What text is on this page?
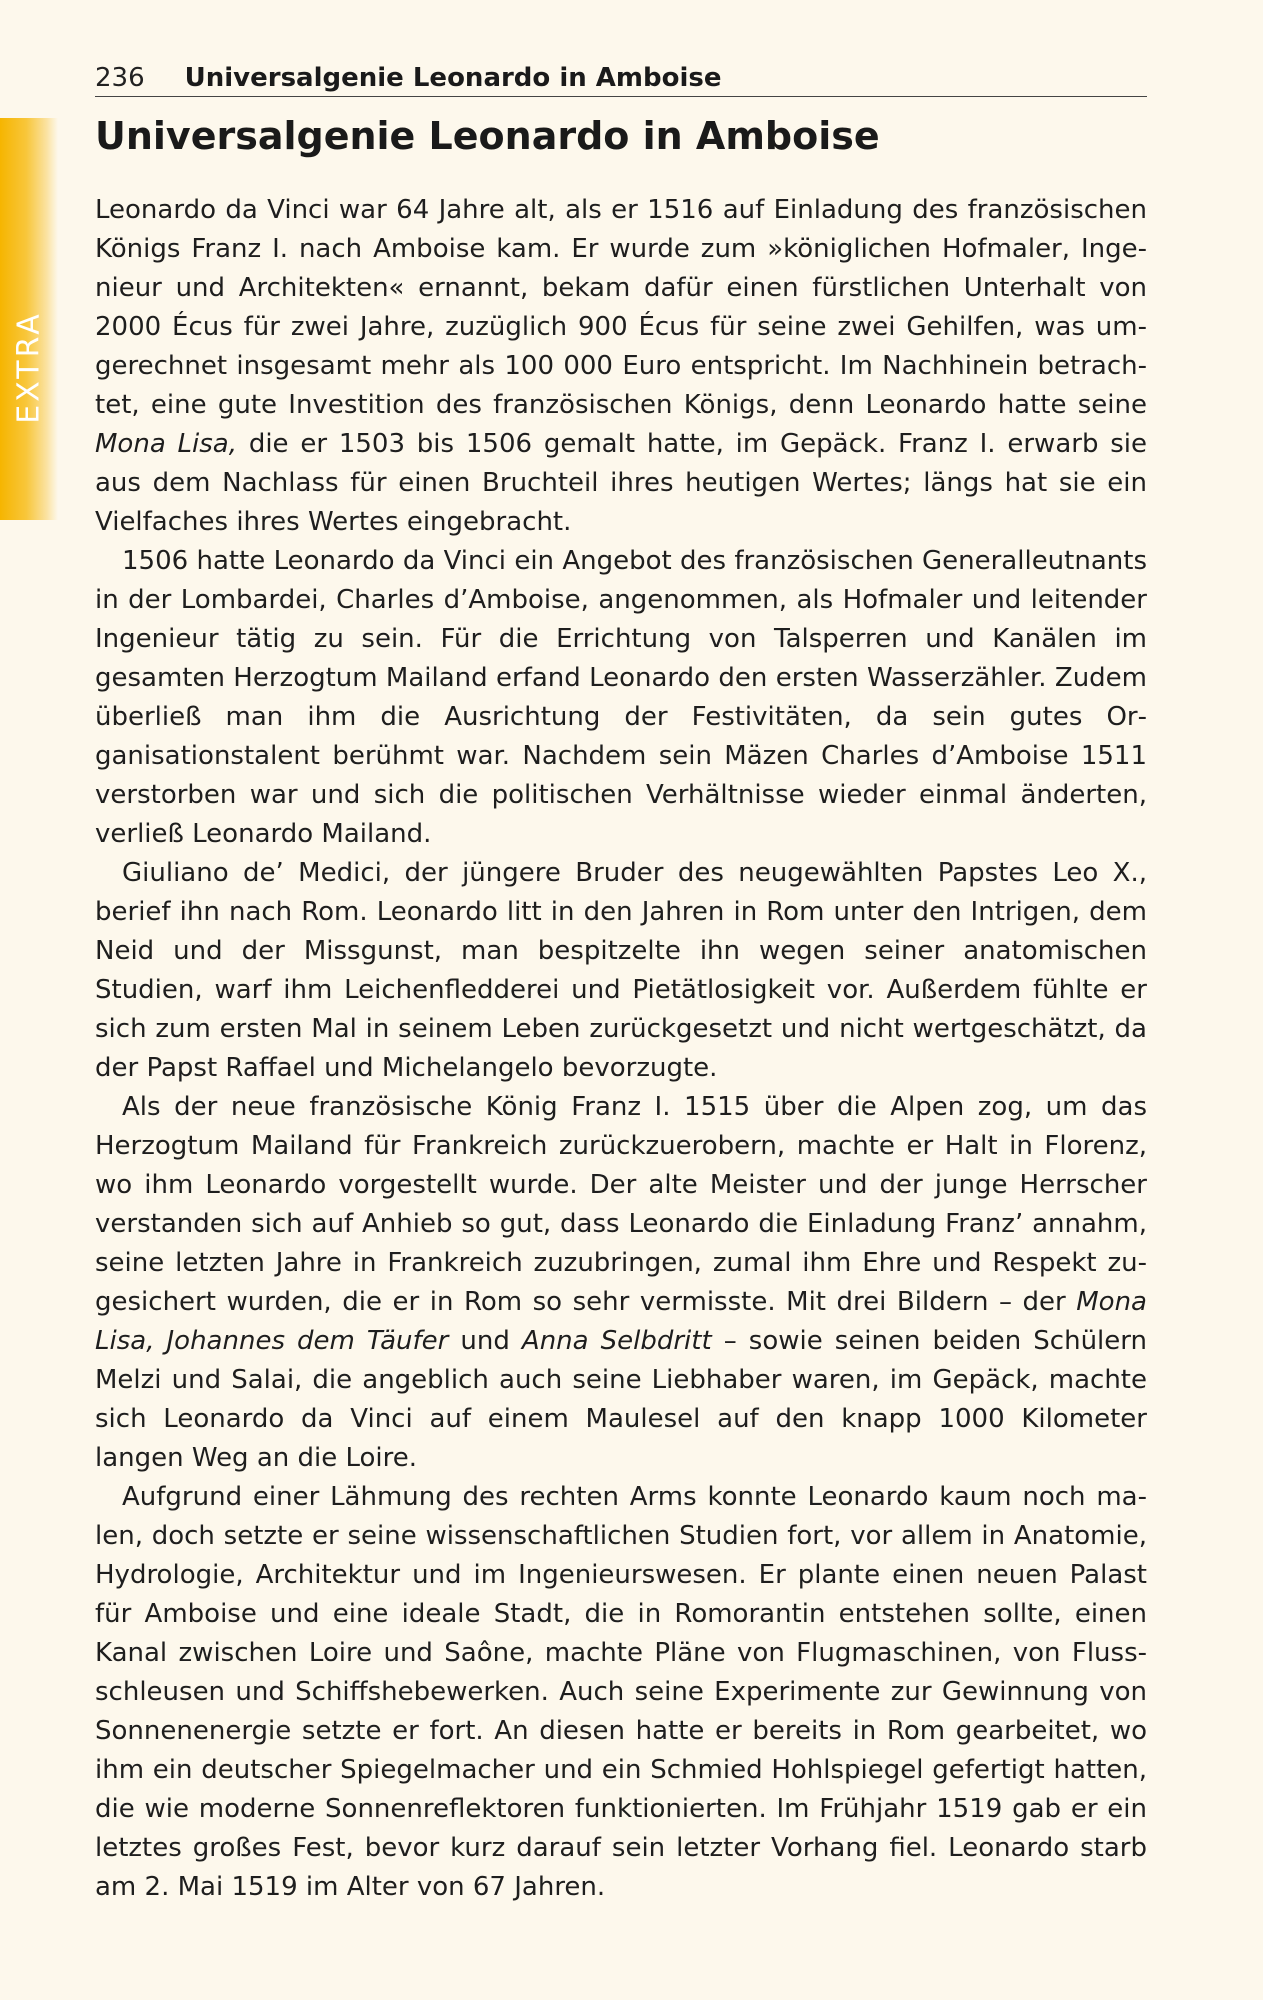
EXTRA
236 Universalgenie Leonardo in Amboise
Universalgenie Leonardo in Amboise

Leonardo da Vinci war 64 Jahre alt, als er 1516 auf Einladung des französischen Königs Franz I. nach Amboise kam. Er wurde zum »königlichen Hofmaler, Ingenieur und Architekten« ernannt, bekam dafür einen fürstlichen Unterhalt von 2000 Écus für zwei Jahre, zuzüglich 900 Écus für seine zwei Gehilfen, was umgerechnet insgesamt mehr als 100 000 Euro entspricht. Im Nachhinein betrachtet, eine gute Investition des französischen Königs, denn Leonardo hatte seine Mona Lisa, die er 1503 bis 1506 gemalt hatte, im Gepäck. Franz I. erwarb sie aus dem Nachlass für einen Bruchteil ihres heutigen Wertes; längs hat sie ein Vielfaches ihres Wertes eingebracht.

1506 hatte Leonardo da Vinci ein Angebot des französischen Generalleutnants in der Lombardei, Charles d’Amboise, angenommen, als Hofmaler und leitender Ingenieur tätig zu sein. Für die Errichtung von Talsperren und Kanälen im gesamten Herzogtum Mailand erfand Leonardo den ersten Wasserzähler. Zudem überließ man ihm die Ausrichtung der Festivitäten, da sein gutes Organisationstalent berühmt war. Nachdem sein Mäzen Charles d’Amboise 1511 verstorben war und sich die politischen Verhältnisse wieder einmal änderten, verließ Leonardo Mailand.

Giuliano de’ Medici, der jüngere Bruder des neugewählten Papstes Leo X., berief ihn nach Rom. Leonardo litt in den Jahren in Rom unter den Intrigen, dem Neid und der Missgunst, man bespitzelte ihn wegen seiner anatomischen Studien, warf ihm Leichenfledderei und Pietätlosigkeit vor. Außerdem fühlte er sich zum ersten Mal in seinem Leben zurückgesetzt und nicht wertgeschätzt, da der Papst Raffael und Michelangelo bevorzugte.

Als der neue französische König Franz I. 1515 über die Alpen zog, um das Herzogtum Mailand für Frankreich zurückzuerobern, machte er Halt in Florenz, wo ihm Leonardo vorgestellt wurde. Der alte Meister und der junge Herrscher verstanden sich auf Anhieb so gut, dass Leonardo die Einladung Franz’ annahm, seine letzten Jahre in Frankreich zuzubringen, zumal ihm Ehre und Respekt zugesichert wurden, die er in Rom so sehr vermisste. Mit drei Bildern – der Mona Lisa, Johannes dem Täufer und Anna Selbdritt – sowie seinen beiden Schülern Melzi und Salai, die angeblich auch seine Liebhaber waren, im Gepäck, machte sich Leonardo da Vinci auf einem Maulesel auf den knapp 1000 Kilometer langen Weg an die Loire.

Aufgrund einer Lähmung des rechten Arms konnte Leonardo kaum noch malen, doch setzte er seine wissenschaftlichen Studien fort, vor allem in Anatomie, Hydrologie, Architektur und im Ingenieurswesen. Er plante einen neuen Palast für Amboise und eine ideale Stadt, die in Romorantin entstehen sollte, einen Kanal zwischen Loire und Saône, machte Pläne von Flugmaschinen, von Flussschleusen und Schiffshebewerken. Auch seine Experimente zur Gewinnung von Sonnenenergie setzte er fort. An diesen hatte er bereits in Rom gearbeitet, wo ihm ein deutscher Spiegelmacher und ein Schmied Hohlspiegel gefertigt hatten, die wie moderne Sonnenreflektoren funktionierten. Im Frühjahr 1519 gab er ein letztes großes Fest, bevor kurz darauf sein letzter Vorhang fiel. Leonardo starb am 2. Mai 1519 im Alter von 67 Jahren.
